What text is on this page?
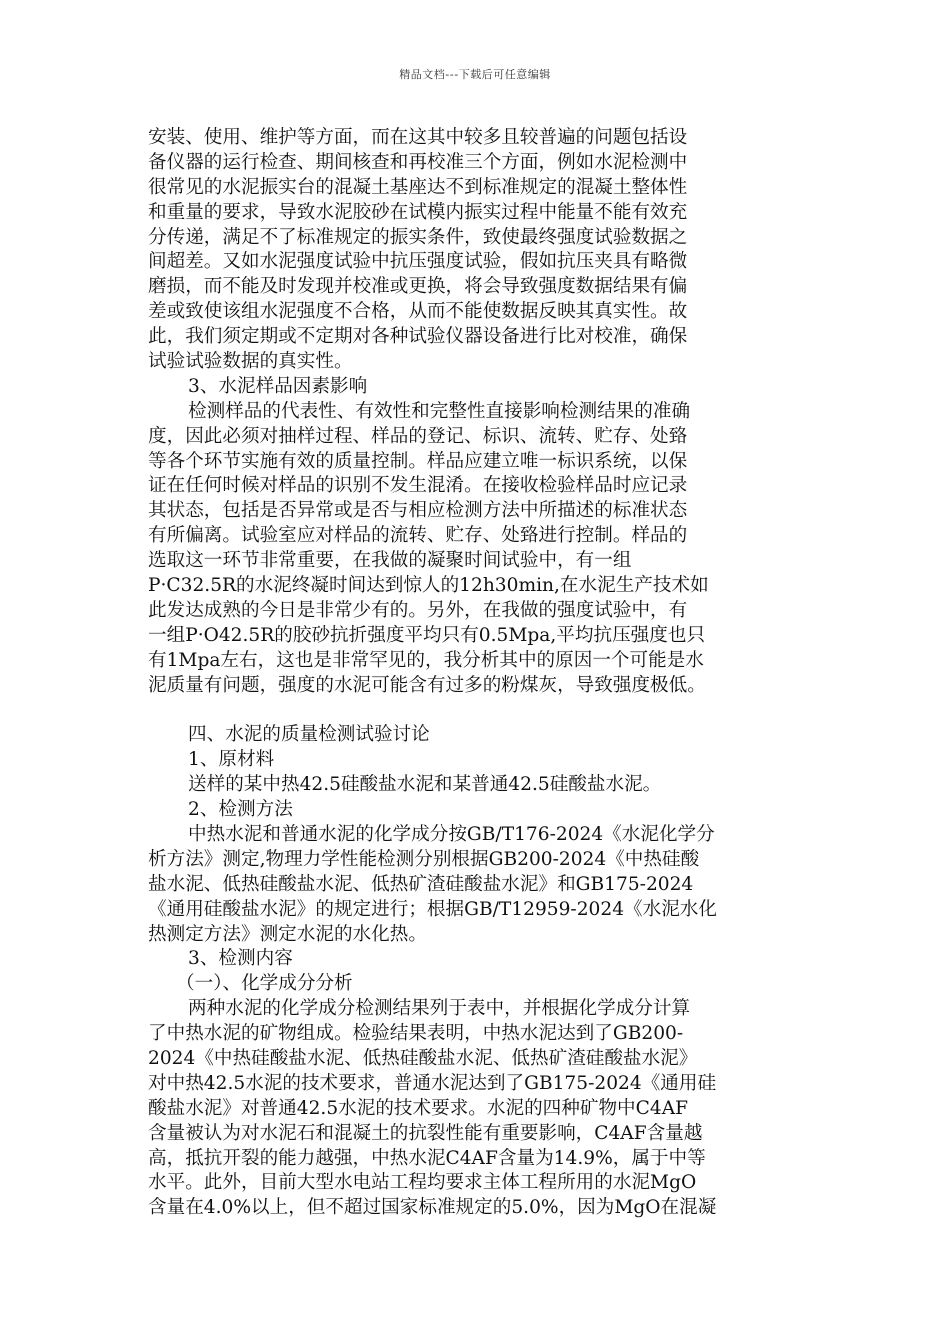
精品文档---下载后可任意编辑
安装、使用、维护等方面，而在这其中较多且较普遍的问题包括设
备仪器的运行检查、期间核查和再校准三个方面，例如水泥检测中
很常见的水泥振实台的混凝土基座达不到标准规定的混凝土整体性
和重量的要求，导致水泥胶砂在试模内振实过程中能量不能有效充
分传递，满足不了标准规定的振实条件，致使最终强度试验数据之
间超差。又如水泥强度试验中抗压强度试验，假如抗压夹具有略微
磨损，而不能及时发现并校准或更换，将会导致强度数据结果有偏
差或致使该组水泥强度不合格，从而不能使数据反映其真实性。故
此，我们须定期或不定期对各种试验仪器设备进行比对校准，确保
试验试验数据的真实性。
3、水泥样品因素影响
检测样品的代表性、有效性和完整性直接影响检测结果的准确
度，因此必须对抽样过程、样品的登记、标识、流转、贮存、处臵
等各个环节实施有效的质量控制。样品应建立唯一标识系统，以保
证在任何时候对样品的识别不发生混淆。在接收检验样品时应记录
其状态，包括是否异常或是否与相应检测方法中所描述的标准状态
有所偏离。试验室应对样品的流转、贮存、处臵进行控制。样品的
选取这一环节非常重要，在我做的凝聚时间试验中，有一组
P·C32.5R的水泥终凝时间达到惊人的12h30min,在水泥生产技术如
此发达成熟的今日是非常少有的。另外，在我做的强度试验中，有
一组P·O42.5R的胶砂抗折强度平均只有0.5Mpa,平均抗压强度也只
有1Mpa左右，这也是非常罕见的，我分析其中的原因一个可能是水
泥质量有问题，强度的水泥可能含有过多的粉煤灰，导致强度极低。
四、水泥的质量检测试验讨论
1、原材料
送样的某中热42.5硅酸盐水泥和某普通42.5硅酸盐水泥。
2、检测方法
中热水泥和普通水泥的化学成分按GB/T176-2024《水泥化学分
析方法》测定,物理力学性能检测分别根据GB200-2024《中热硅酸
盐水泥、低热硅酸盐水泥、低热矿渣硅酸盐水泥》和GB175-2024
《通用硅酸盐水泥》的规定进行；根据GB/T12959-2024《水泥水化
热测定方法》测定水泥的水化热。
3、检测内容
（一）、化学成分分析
两种水泥的化学成分检测结果列于表中，并根据化学成分计算
了中热水泥的矿物组成。检验结果表明，中热水泥达到了GB200-
2024《中热硅酸盐水泥、低热硅酸盐水泥、低热矿渣硅酸盐水泥》
对中热42.5水泥的技术要求，普通水泥达到了GB175-2024《通用硅
酸盐水泥》对普通42.5水泥的技术要求。水泥的四种矿物中C4AF
含量被认为对水泥石和混凝土的抗裂性能有重要影响，C4AF含量越
高，抵抗开裂的能力越强，中热水泥C4AF含量为14.9%，属于中等
水平。此外，目前大型水电站工程均要求主体工程所用的水泥MgO
含量在4.0%以上，但不超过国家标准规定的5.0%，因为MgO在混凝
